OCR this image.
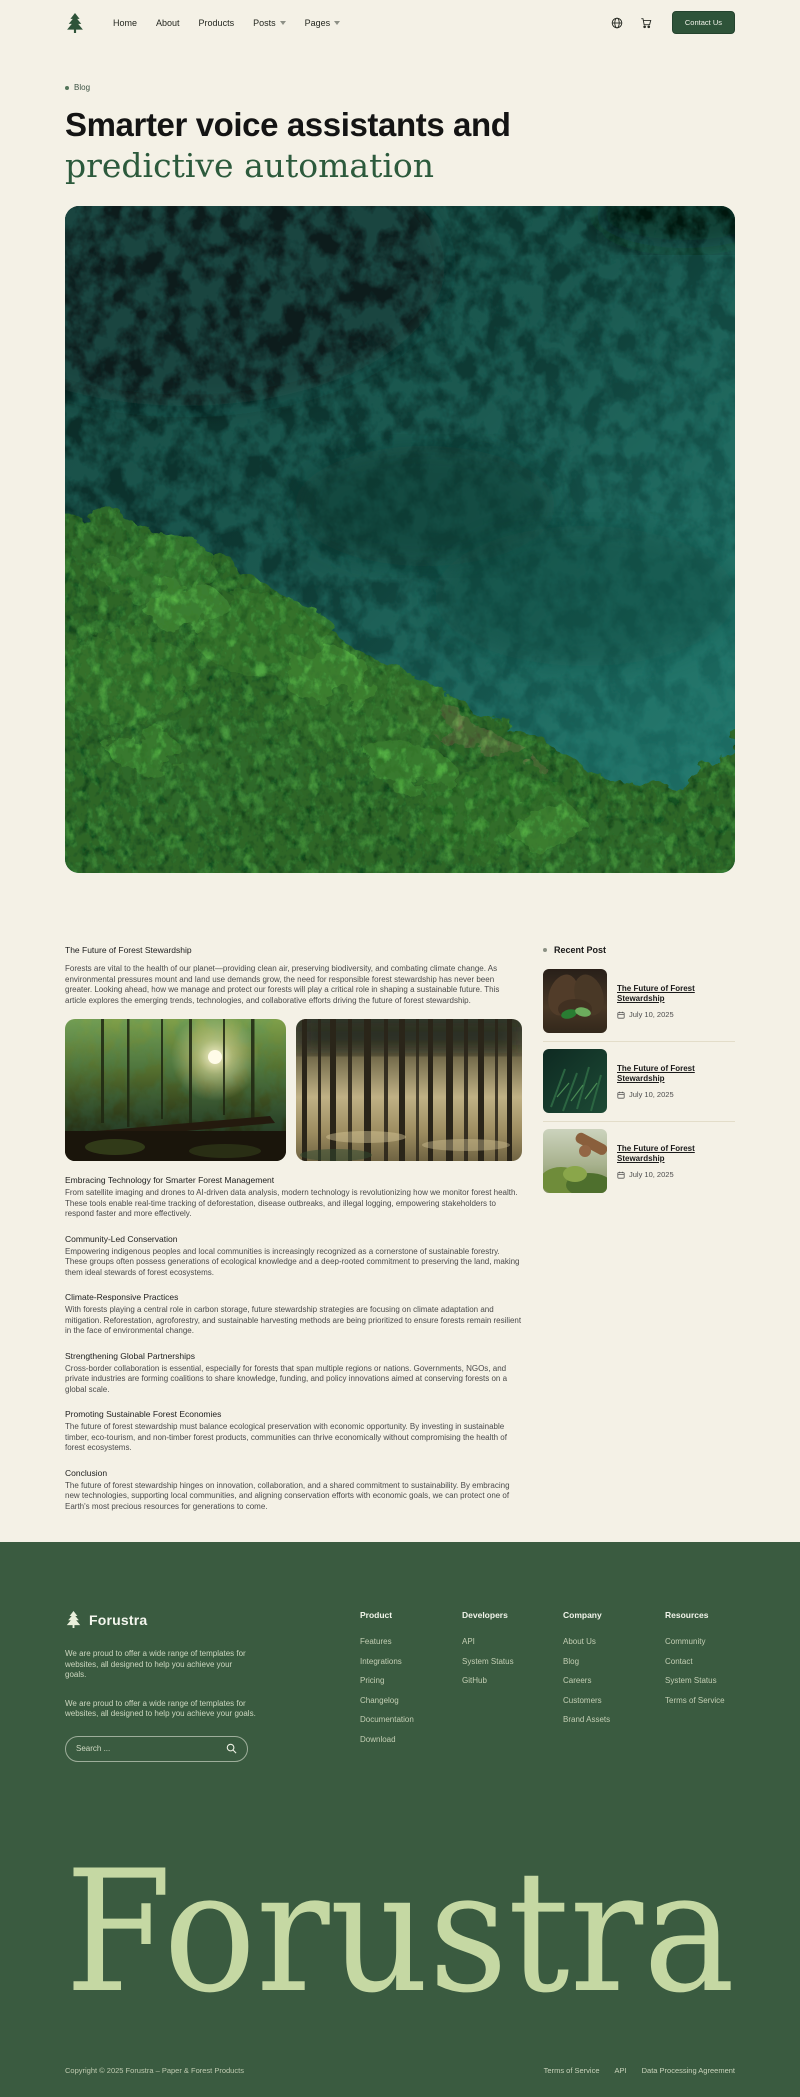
Home About Products Posts	Pages	Contact Us
Blog
Smarter voice assistants and
predictive automation
The Future of Forest Stewardship

Forests are vital to the health of our planet—providing clean air, preserving biodiversity, and combating climate change. As environmental pressures mount and land use demands grow, the need for responsible forest stewardship has never been greater. Looking ahead, how we manage and protect our forests will play a critical role in shaping a sustainable future. This article explores the emerging trends, technologies, and collaborative efforts driving the future of forest stewardship.

Embracing Technology for Smarter Forest Management

From satellite imaging and drones to AI-driven data analysis, modern technology is revolutionizing how we monitor forest health. These tools enable real-time tracking of deforestation, disease outbreaks, and illegal logging, empowering stakeholders to respond faster and more effectively.

Community-Led Conservation

Empowering indigenous peoples and local communities is increasingly recognized as a cornerstone of sustainable forestry. These groups often possess generations of ecological knowledge and a deep-rooted commitment to preserving the land, making them ideal stewards of forest ecosystems.

Climate-Responsive Practices

With forests playing a central role in carbon storage, future stewardship strategies are focusing on climate adaptation and mitigation. Reforestation, agroforestry, and sustainable harvesting methods are being prioritized to ensure forests remain resilient in the face of environmental change.

Strengthening Global Partnerships

Cross-border collaboration is essential, especially for forests that span multiple regions or nations. Governments, NGOs, and private industries are forming coalitions to share knowledge, funding, and policy innovations aimed at conserving forests on a global scale.

Promoting Sustainable Forest Economies

The future of forest stewardship must balance ecological preservation with economic opportunity. By investing in sustainable timber, eco-tourism, and non-timber forest products, communities can thrive economically without compromising the health of forest ecosystems.

Conclusion

The future of forest stewardship hinges on innovation, collaboration, and a shared commitment to sustainability. By embracing new technologies, supporting local communities, and aligning conservation efforts with economic goals, we can protect one of Earth's most precious resources for generations to come.

Recent Post
The Future of Forest Stewardship
July 10, 2025
The Future of Forest Stewardship
July 10, 2025
The Future of Forest Stewardship
July 10, 2025
Forustra

We are proud to offer a wide range of templates for websites, all designed to help you achieve your goals.

We are proud to offer a wide range of templates for websites, all designed to help you achieve your goals.

Search ...
Product
Features
Integrations
Pricing
Changelog
Documentation
Download
Developers
API
System Status
GitHub
Company
About Us
Blog
Careers
Customers
Brand Assets
Resources
Community
Contact
System Status
Terms of Service
Forustra
Copyright © 2025 Forustra – Paper & Forest Products	Terms of Service API Data Processing Agreement
